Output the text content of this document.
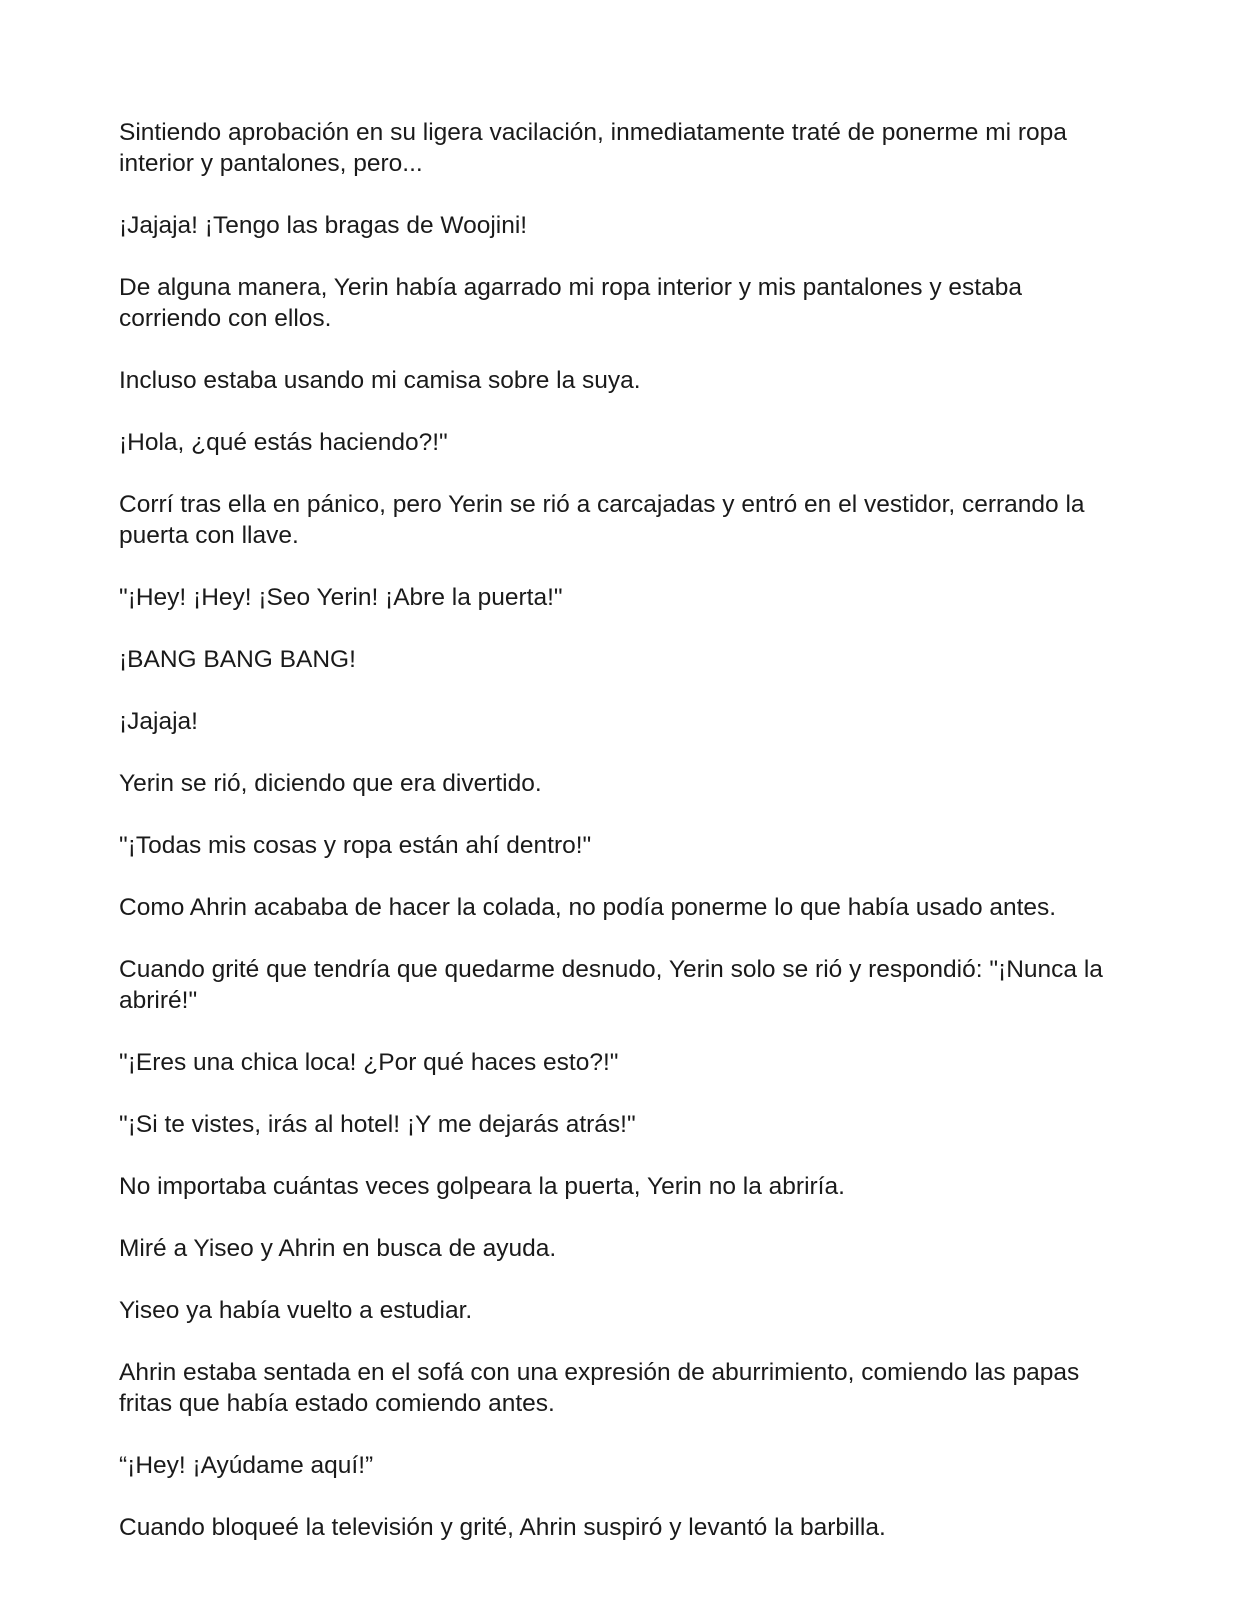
Sintiendo aprobación en su ligera vacilación, inmediatamente traté de ponerme mi ropa interior y pantalones, pero...

¡Jajaja! ¡Tengo las bragas de Woojini!

De alguna manera, Yerin había agarrado mi ropa interior y mis pantalones y estaba corriendo con ellos.

Incluso estaba usando mi camisa sobre la suya.

¡Hola, ¿qué estás haciendo?!"

Corrí tras ella en pánico, pero Yerin se rió a carcajadas y entró en el vestidor, cerrando la puerta con llave.

"¡Hey! ¡Hey! ¡Seo Yerin! ¡Abre la puerta!"

¡BANG BANG BANG!

¡Jajaja!

Yerin se rió, diciendo que era divertido.

"¡Todas mis cosas y ropa están ahí dentro!"

Como Ahrin acababa de hacer la colada, no podía ponerme lo que había usado antes.

Cuando grité que tendría que quedarme desnudo, Yerin solo se rió y respondió: "¡Nunca la abriré!"

"¡Eres una chica loca! ¿Por qué haces esto?!"

"¡Si te vistes, irás al hotel! ¡Y me dejarás atrás!"

No importaba cuántas veces golpeara la puerta, Yerin no la abriría.

Miré a Yiseo y Ahrin en busca de ayuda.

Yiseo ya había vuelto a estudiar.

Ahrin estaba sentada en el sofá con una expresión de aburrimiento, comiendo las papas fritas que había estado comiendo antes.

“¡Hey! ¡Ayúdame aquí!”

Cuando bloqueé la televisión y grité, Ahrin suspiró y levantó la barbilla.
